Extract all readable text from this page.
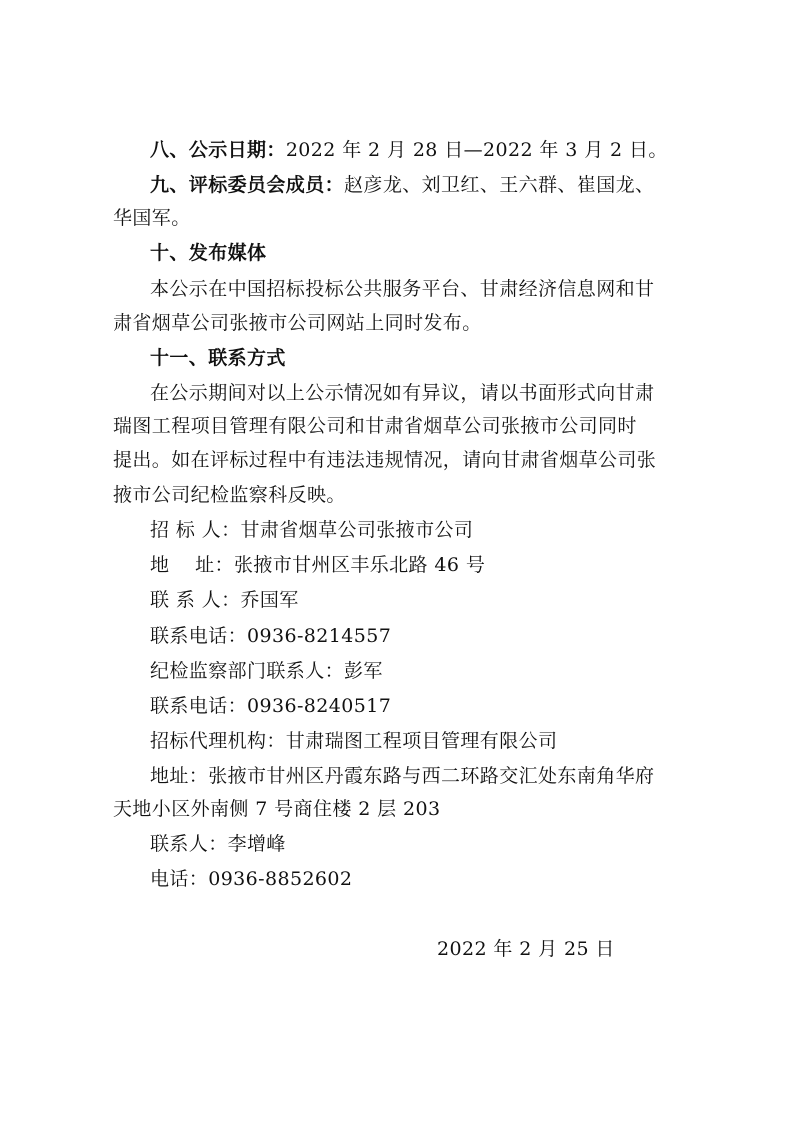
八、公示日期：2022 年 2 月 28 日—2022 年 3 月 2 日。
九、评标委员会成员：赵彦龙、刘卫红、王六群、崔国龙、
华国军。
十、发布媒体
本公示在中国招标投标公共服务平台、甘肃经济信息网和甘
肃省烟草公司张掖市公司网站上同时发布。
十一、联系方式
在公示期间对以上公示情况如有异议，请以书面形式向甘肃
瑞图工程项目管理有限公司和甘肃省烟草公司张掖市公司同时
提出。如在评标过程中有违法违规情况，请向甘肃省烟草公司张
掖市公司纪检监察科反映。
招 标 人：甘肃省烟草公司张掖市公司
地    址：张掖市甘州区丰乐北路 46 号
联 系 人：乔国军
联系电话：0936-8214557
纪检监察部门联系人：彭军
联系电话：0936-8240517
招标代理机构：甘肃瑞图工程项目管理有限公司
地址：张掖市甘州区丹霞东路与西二环路交汇处东南角华府
天地小区外南侧 7 号商住楼 2 层 203
联系人：李增峰
电话：0936-8852602
2022 年 2 月 25 日
